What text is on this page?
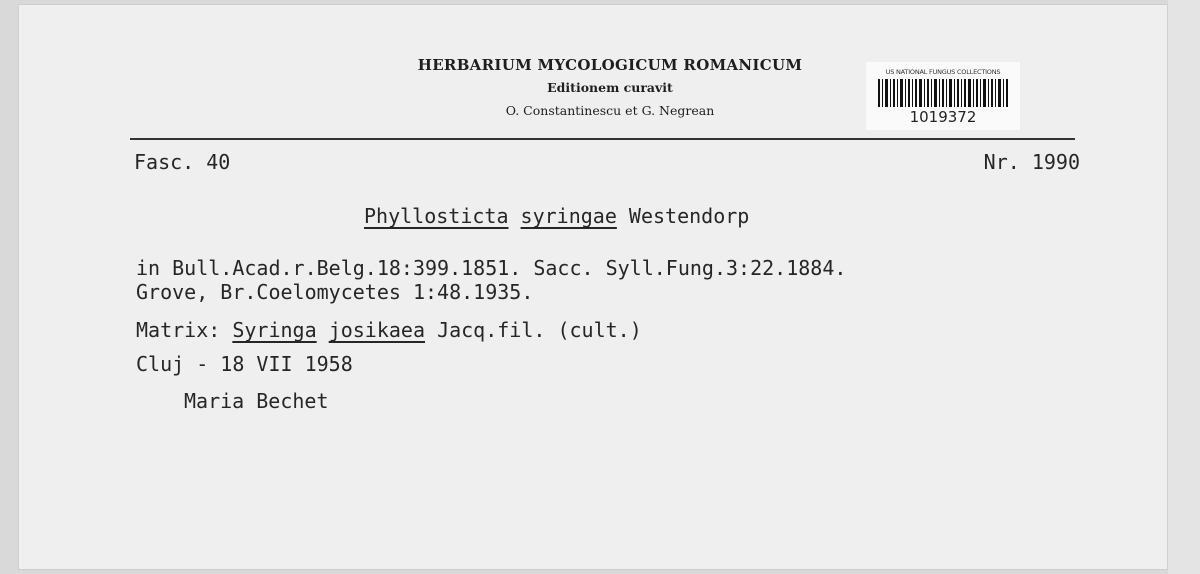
HERBARIUM MYCOLOGICUM ROMANICUM
Editionem curavit
O. Constantinescu et G. Negrean
US NATIONAL FUNGUS COLLECTIONS
1019372
Fasc. 40	Nr. 1990
Phyllosticta syringae Westendorp
in Bull.Acad.r.Belg.18:399.1851. Sacc. Syll.Fung.3:22.1884.
Grove, Br.Coelomycetes 1:48.1935.
Matrix: Syringa josikaea Jacq.fil. (cult.)
Cluj - 18 VII 1958
Maria Bechet
